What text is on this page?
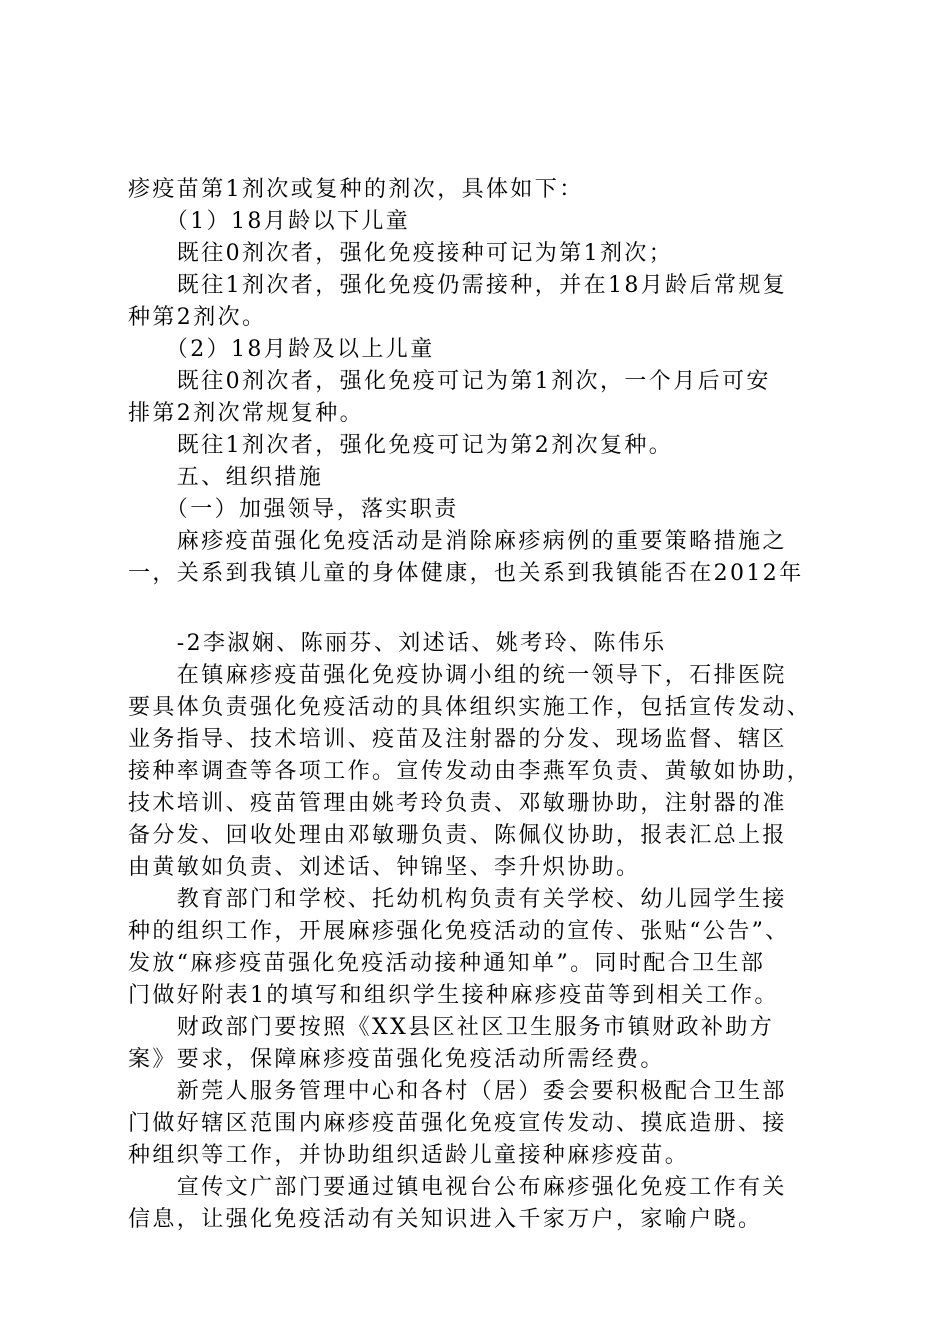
疹疫苗第1剂次或复种的剂次，具体如下：
　　（1）18月龄以下儿童
　　既往0剂次者，强化免疫接种可记为第1剂次；
　　既往1剂次者，强化免疫仍需接种，并在18月龄后常规复
种第2剂次。
　　（2）18月龄及以上儿童
　　既往0剂次者，强化免疫可记为第1剂次，一个月后可安
排第2剂次常规复种。
　　既往1剂次者，强化免疫可记为第2剂次复种。
　　五、组织措施
　　（一）加强领导，落实职责
　　麻疹疫苗强化免疫活动是消除麻疹病例的重要策略措施之
一，关系到我镇儿童的身体健康，也关系到我镇能否在2012年
　　-2李淑娴、陈丽芬、刘述话、姚考玲、陈伟乐
　　在镇麻疹疫苗强化免疫协调小组的统一领导下，石排医院
要具体负责强化免疫活动的具体组织实施工作，包括宣传发动、
业务指导、技术培训、疫苗及注射器的分发、现场监督、辖区
接种率调查等各项工作。宣传发动由李燕军负责、黄敏如协助，
技术培训、疫苗管理由姚考玲负责、邓敏珊协助，注射器的准
备分发、回收处理由邓敏珊负责、陈佩仪协助，报表汇总上报
由黄敏如负责、刘述话、钟锦坚、李升炽协助。
　　教育部门和学校、托幼机构负责有关学校、幼儿园学生接
种的组织工作，开展麻疹强化免疫活动的宣传、张贴“公告”、
发放“麻疹疫苗强化免疫活动接种通知单”。同时配合卫生部
门做好附表1的填写和组织学生接种麻疹疫苗等到相关工作。
　　财政部门要按照《XX县区社区卫生服务市镇财政补助方
案》要求，保障麻疹疫苗强化免疫活动所需经费。
　　新莞人服务管理中心和各村（居）委会要积极配合卫生部
门做好辖区范围内麻疹疫苗强化免疫宣传发动、摸底造册、接
种组织等工作，并协助组织适龄儿童接种麻疹疫苗。
　　宣传文广部门要通过镇电视台公布麻疹强化免疫工作有关
信息，让强化免疫活动有关知识进入千家万户，家喻户晓。
